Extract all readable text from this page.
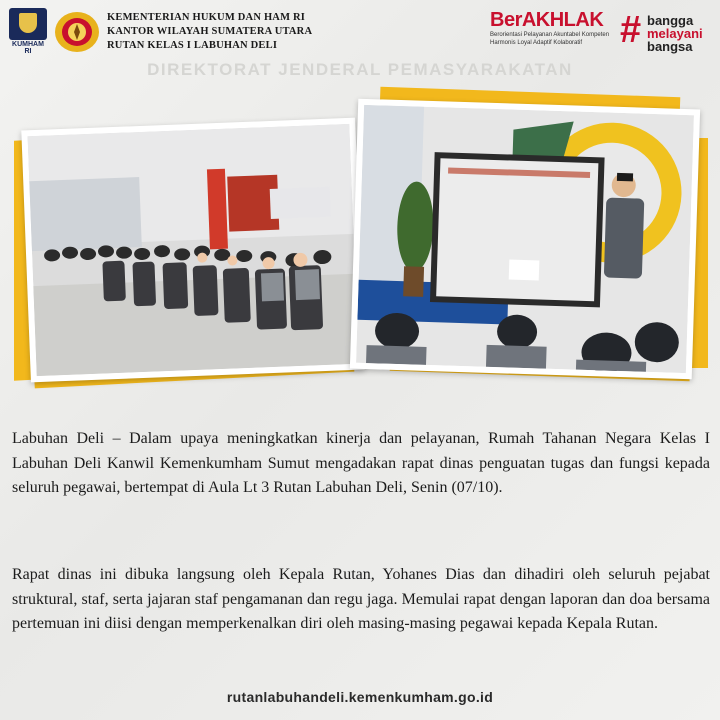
KUMHAM RI
KEMENTERIAN HUKUM DAN HAM RI
KANTOR WILAYAH SUMATERA UTARA
RUTAN KELAS I LABUHAN DELI
BerAKHLAK
Berorientasi Pelayanan Akuntabel Kompeten
Harmonis Loyal Adaptif Kolaboratif # bangga
melayani
bangsa
DIREKTORAT JENDERAL PEMASYARAKATAN
Labuhan Deli – Dalam upaya meningkatkan kinerja dan pelayanan, Rumah Tahanan Negara Kelas I Labuhan Deli Kanwil Kemenkumham Sumut mengadakan rapat dinas penguatan tugas dan fungsi kepada seluruh pegawai, bertempat di Aula Lt 3 Rutan Labuhan Deli, Senin (07/10).
Rapat dinas ini dibuka langsung oleh Kepala Rutan, Yohanes Dias dan dihadiri oleh seluruh pejabat struktural, staf, serta jajaran staf pengamanan dan regu jaga. Memulai rapat dengan laporan dan doa bersama pertemuan ini diisi dengan memperkenalkan diri oleh masing-masing pegawai kepada Kepala Rutan.
rutanlabuhandeli.kemenkumham.go.id
